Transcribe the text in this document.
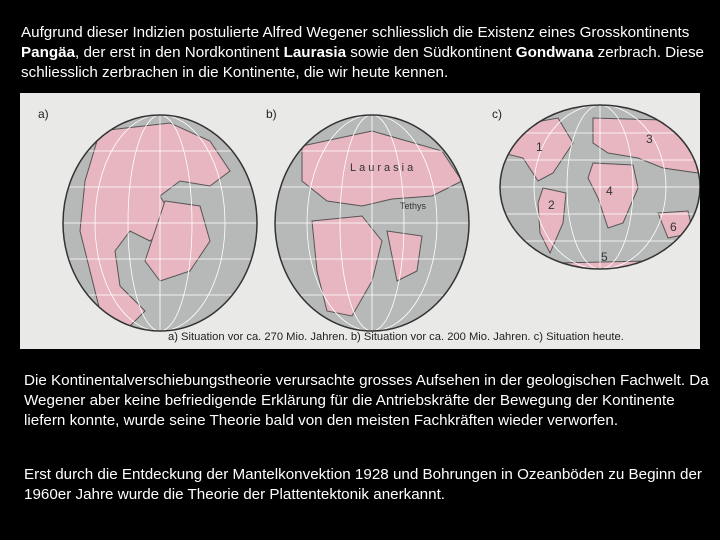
Aufgrund dieser Indizien postulierte Alfred Wegener schliesslich die Existenz eines Grosskontinents Pangäa, der erst in den Nordkontinent Laurasia sowie den Südkontinent Gondwana zerbrach. Diese schliesslich zerbrachen in die Kontinente, die wir heute kennen.
a)	b)	c)
Laurasia
Tethys
1
2
3
4
5
6

a) Situation vor ca. 270 Mio. Jahren. b) Situation vor ca. 200 Mio. Jahren. c) Situation heute.
Die Kontinentalverschiebungstheorie verursachte grosses Aufsehen in der geologischen Fachwelt. Da Wegener aber keine befriedigende Erklärung für die Antriebskräfte der Bewegung der Kontinente liefern konnte, wurde seine Theorie bald von den meisten Fachkräften wieder verworfen.
Erst durch die Entdeckung der Mantelkonvektion 1928 und Bohrungen in Ozeanböden zu Beginn der 1960er Jahre wurde die Theorie der Plattentektonik anerkannt.
